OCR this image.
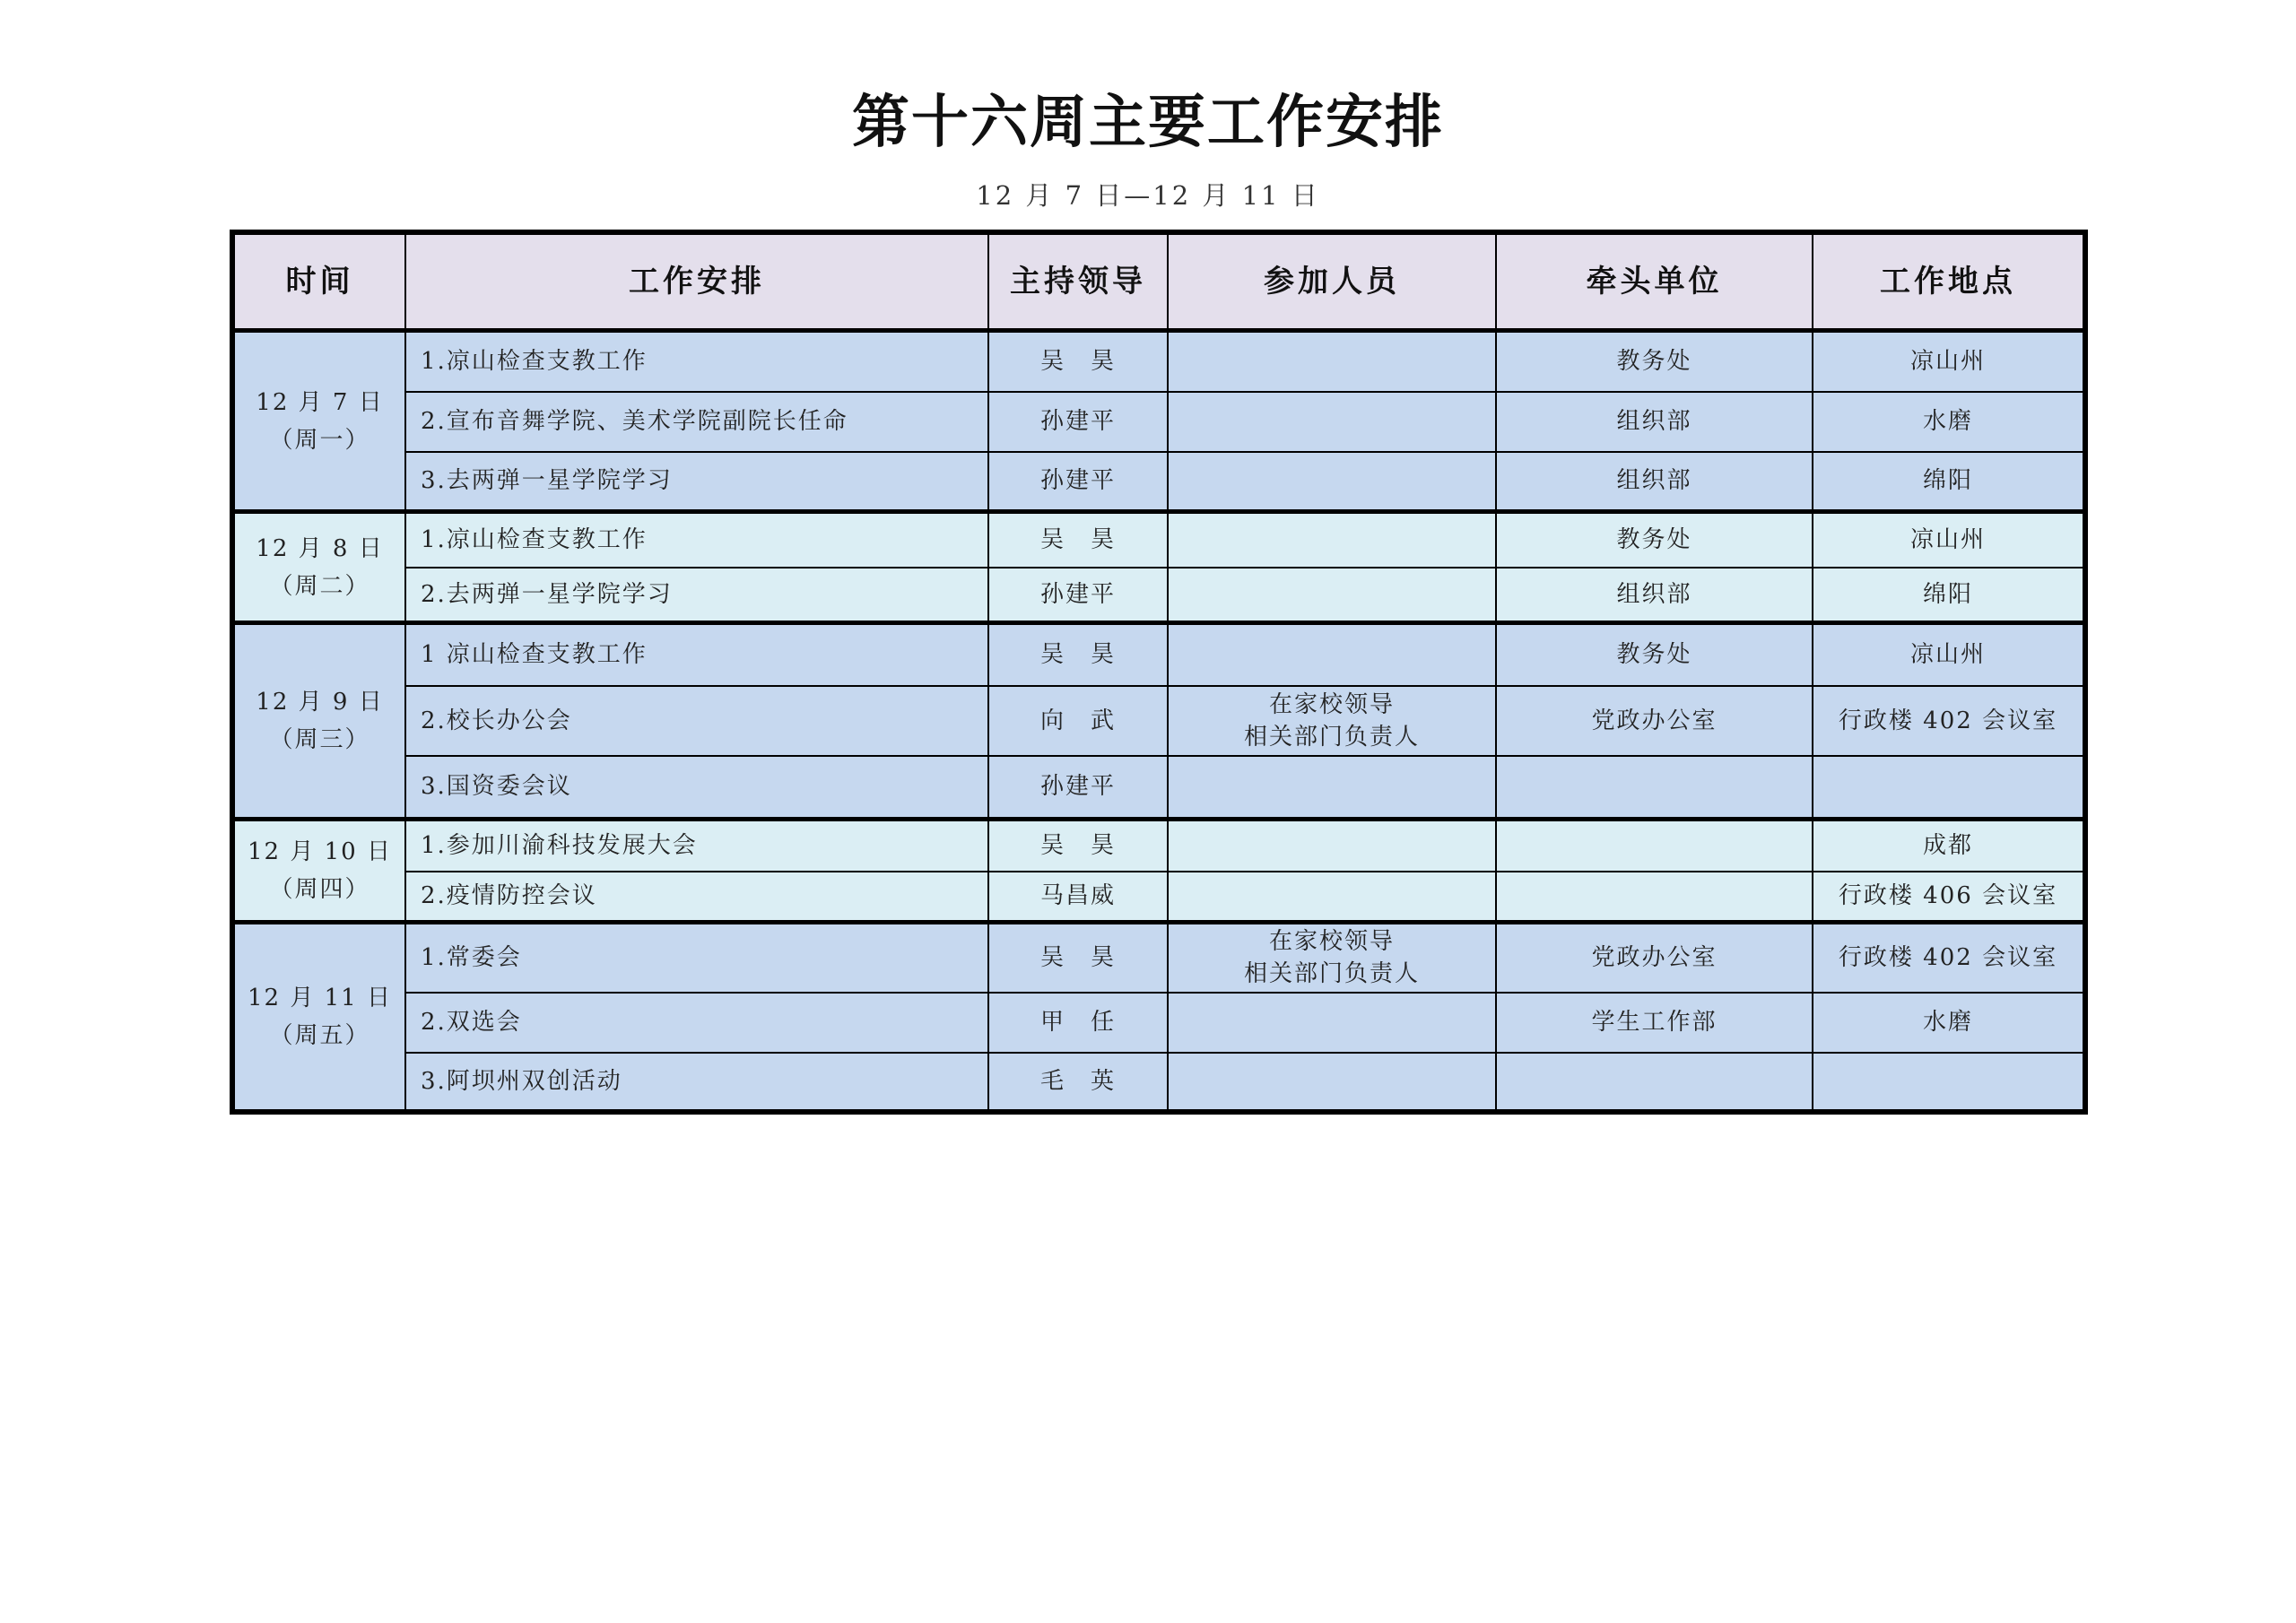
第十六周主要工作安排
12 月 7 日—12 月 11 日
时间	工作安排	主持领导	参加人员	牵头单位	工作地点

12 月 7 日
（周一）	1.凉山检查支教工作	吴　昊		教务处	凉山州
	2.宣布音舞学院、美术学院副院长任命	孙建平		组织部	水磨
	3.去两弹一星学院学习	孙建平		组织部	绵阳

12 月 8 日
（周二）	1.凉山检查支教工作	吴　昊		教务处	凉山州
	2.去两弹一星学院学习	孙建平		组织部	绵阳

12 月 9 日
（周三）	1 凉山检查支教工作	吴　昊		教务处	凉山州
	2.校长办公会	向　武	在家校领导
相关部门负责人	党政办公室	行政楼 402 会议室
	3.国资委会议	孙建平	

12 月 10 日
（周四）	1.参加川渝科技发展大会	吴　昊			成都
	2.疫情防控会议	马昌威			行政楼 406 会议室

12 月 11 日
（周五）	1.常委会	吴　昊	在家校领导
相关部门负责人	党政办公室	行政楼 402 会议室
	2.双选会	甲　任		学生工作部	水磨
	3.阿坝州双创活动	毛　英	
